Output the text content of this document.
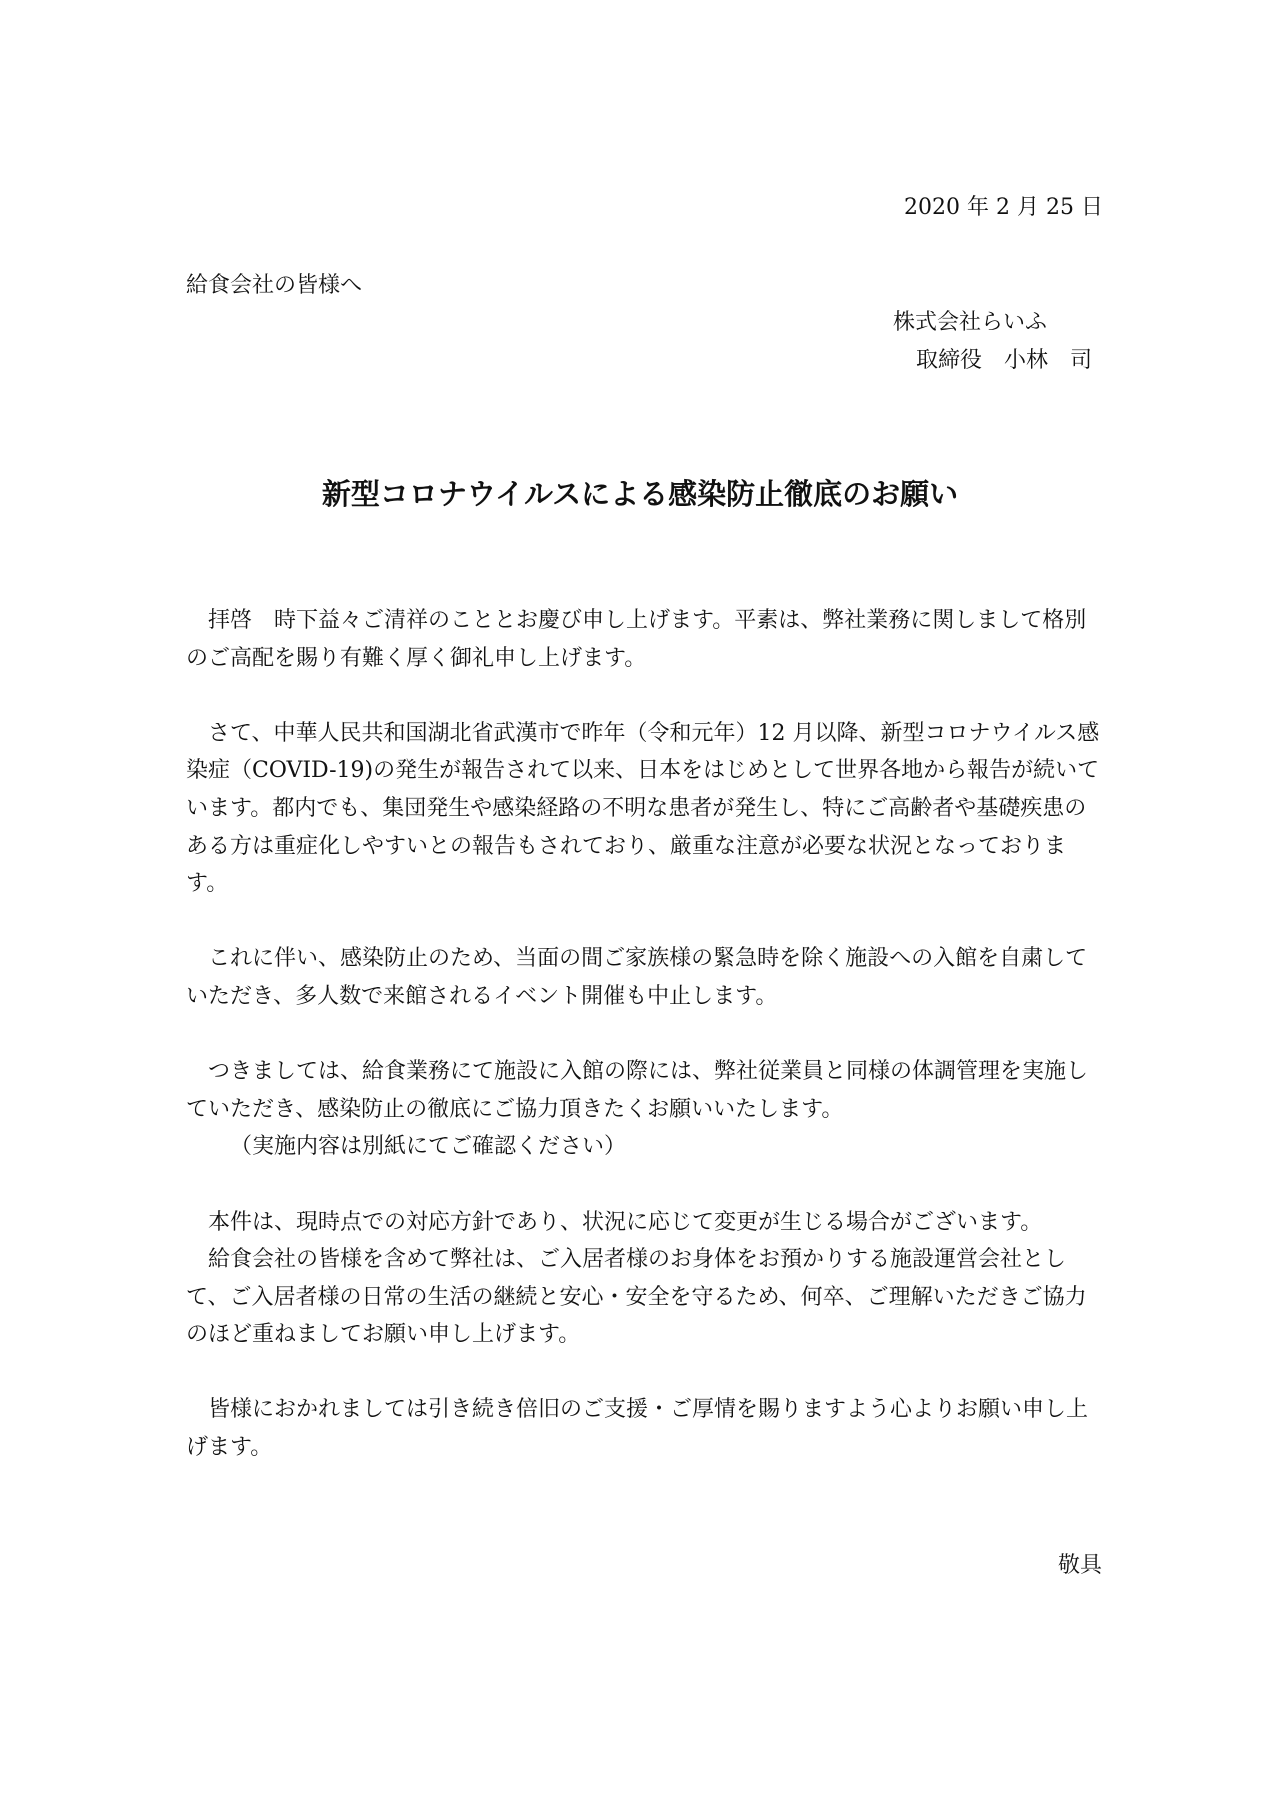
2020 年 2 月 25 日
給食会社の皆様へ
株式会社らいふ
取締役　小林　司
新型コロナウイルスによる感染防止徹底のお願い

拝啓　時下益々ご清祥のこととお慶び申し上げます。平素は、弊社業務に関しまして格別のご高配を賜り有難く厚く御礼申し上げます。

さて、中華人民共和国湖北省武漢市で昨年（令和元年）12 月以降、新型コロナウイルス感染症（COVID-19)の発生が報告されて以来、日本をはじめとして世界各地から報告が続いています。都内でも、集団発生や感染経路の不明な患者が発生し、特にご高齢者や基礎疾患のある方は重症化しやすいとの報告もされており、厳重な注意が必要な状況となっております。

これに伴い、感染防止のため、当面の間ご家族様の緊急時を除く施設への入館を自粛していただき、多人数で来館されるイベント開催も中止します。

つきましては、給食業務にて施設に入館の際には、弊社従業員と同様の体調管理を実施していただき、感染防止の徹底にご協力頂きたくお願いいたします。

（実施内容は別紙にてご確認ください）

本件は、現時点での対応方針であり、状況に応じて変更が生じる場合がございます。

給食会社の皆様を含めて弊社は、ご入居者様のお身体をお預かりする施設運営会社として、ご入居者様の日常の生活の継続と安心・安全を守るため、何卒、ご理解いただきご協力のほど重ねましてお願い申し上げます。

皆様におかれましては引き続き倍旧のご支援・ご厚情を賜りますよう心よりお願い申し上げます。

敬具
